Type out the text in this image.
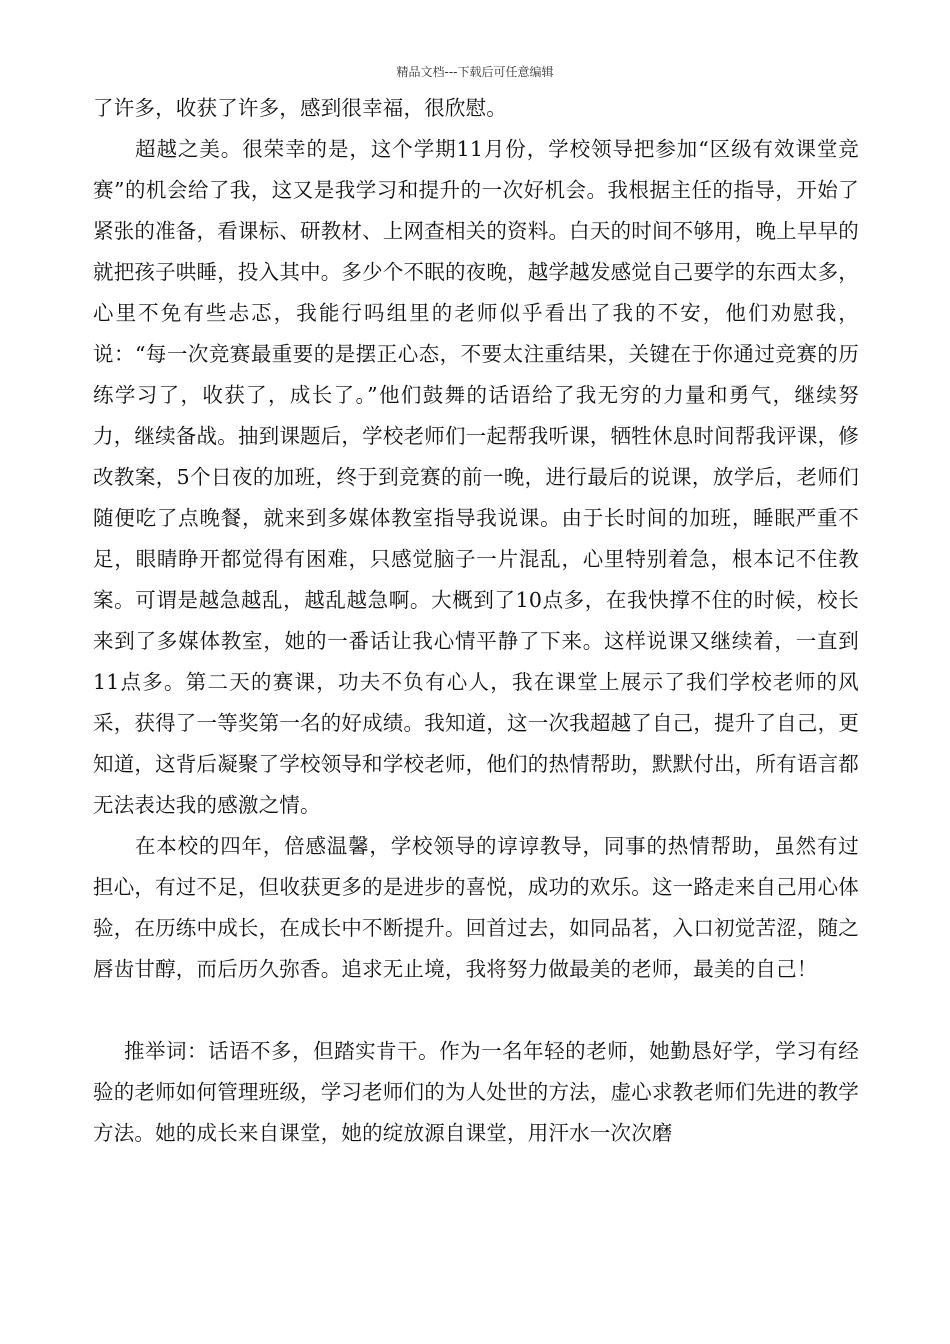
精品文档---下载后可任意编辑

了许多，收获了许多，感到很幸福，很欣慰。

超越之美。很荣幸的是，这个学期11月份，学校领导把参加“区级有效课堂竞赛”的机会给了我，这又是我学习和提升的一次好机会。我根据主任的指导，开始了紧张的准备，看课标、研教材、上网查相关的资料。白天的时间不够用，晚上早早的就把孩子哄睡，投入其中。多少个不眠的夜晚，越学越发感觉自己要学的东西太多，心里不免有些忐忑，我能行吗组里的老师似乎看出了我的不安，他们劝慰我，说：“每一次竞赛最重要的是摆正心态，不要太注重结果，关键在于你通过竞赛的历练学习了，收获了，成长了。”他们鼓舞的话语给了我无穷的力量和勇气，继续努力，继续备战。抽到课题后，学校老师们一起帮我听课，牺牲休息时间帮我评课，修改教案，5个日夜的加班，终于到竞赛的前一晚，进行最后的说课，放学后，老师们随便吃了点晚餐，就来到多媒体教室指导我说课。由于长时间的加班，睡眠严重不足，眼睛睁开都觉得有困难，只感觉脑子一片混乱，心里特别着急，根本记不住教案。可谓是越急越乱，越乱越急啊。大概到了10点多，在我快撑不住的时候，校长来到了多媒体教室，她的一番话让我心情平静了下来。这样说课又继续着，一直到11点多。第二天的赛课，功夫不负有心人，我在课堂上展示了我们学校老师的风采，获得了一等奖第一名的好成绩。我知道，这一次我超越了自己，提升了自己，更知道，这背后凝聚了学校领导和学校老师，他们的热情帮助，默默付出，所有语言都无法表达我的感激之情。

在本校的四年，倍感温馨，学校领导的谆谆教导，同事的热情帮助，虽然有过担心，有过不足，但收获更多的是进步的喜悦，成功的欢乐。这一路走来自己用心体验，在历练中成长，在成长中不断提升。回首过去，如同品茗，入口初觉苦涩，随之唇齿甘醇，而后历久弥香。追求无止境，我将努力做最美的老师，最美的自己！

推举词：话语不多，但踏实肯干。作为一名年轻的老师，她勤恳好学，学习有经验的老师如何管理班级，学习老师们的为人处世的方法，虚心求教老师们先进的教学方法。她的成长来自课堂，她的绽放源自课堂，用汗水一次次磨
